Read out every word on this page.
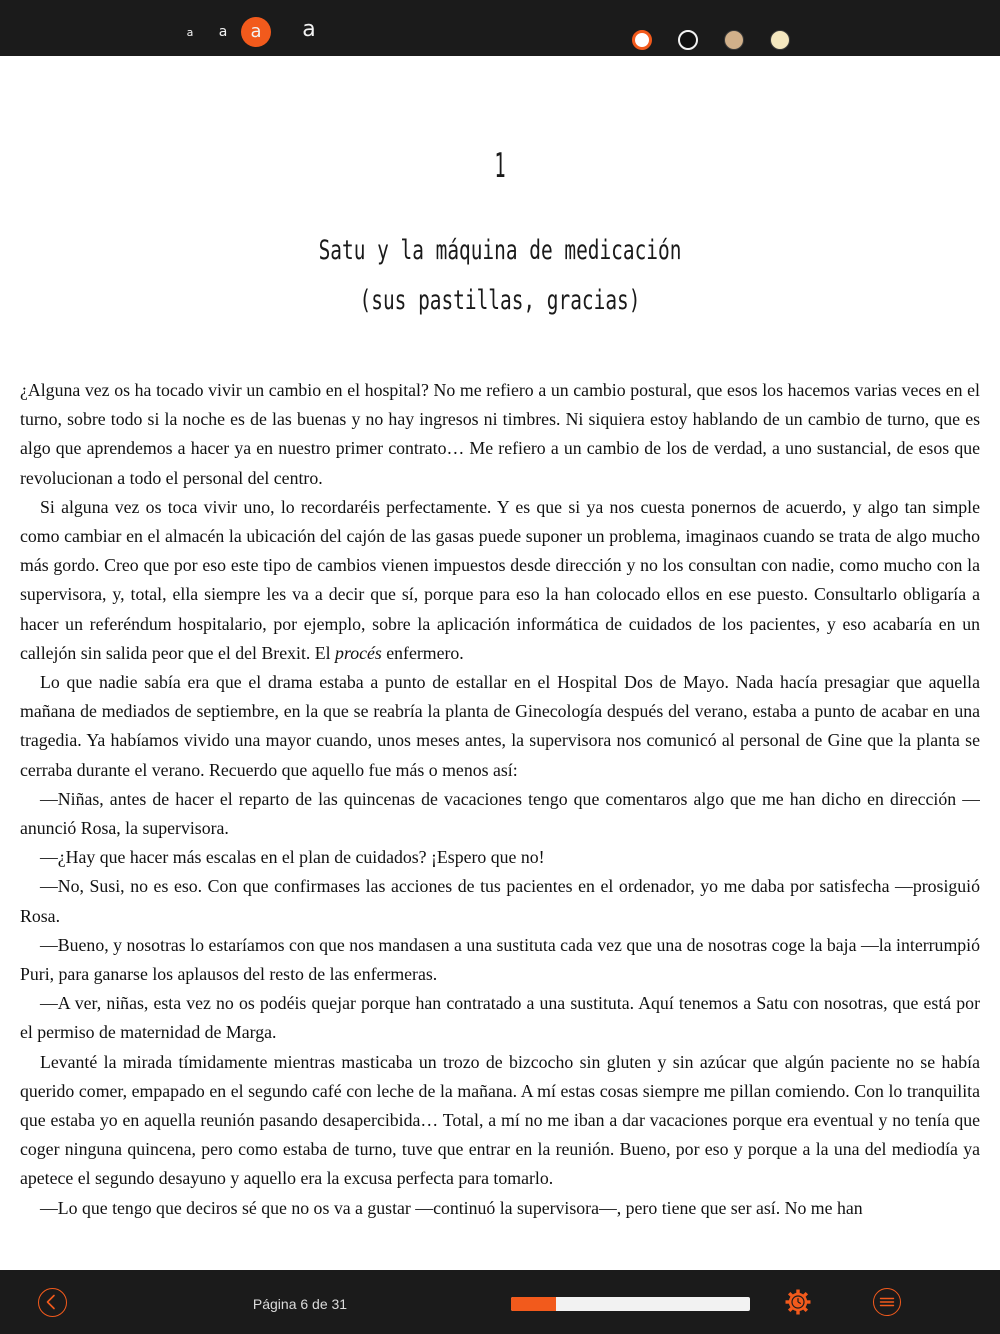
a	a	a	a
1
Satu y la máquina de medicación
(sus pastillas, gracias)

¿Alguna vez os ha tocado vivir un cambio en el hospital? No me refiero a un cambio postural, que esos los hacemos varias veces en el turno, sobre todo si la noche es de las buenas y no hay ingresos ni timbres. Ni siquiera estoy hablando de un cambio de turno, que es algo que aprendemos a hacer ya en nuestro primer contrato… Me refiero a un cambio de los de verdad, a uno sustancial, de esos que revolucionan a todo el personal del centro.

Si alguna vez os toca vivir uno, lo recordaréis perfectamente. Y es que si ya nos cuesta ponernos de acuerdo, y algo tan simple como cambiar en el almacén la ubicación del cajón de las gasas puede suponer un problema, imaginaos cuando se trata de algo mucho más gordo. Creo que por eso este tipo de cambios vienen impuestos desde dirección y no los consultan con nadie, como mucho con la supervisora, y, total, ella siempre les va a decir que sí, porque para eso la han colocado ellos en ese puesto. Consultarlo obligaría a hacer un referéndum hospitalario, por ejemplo, sobre la aplicación informática de cuidados de los pacientes, y eso acabaría en un callejón sin salida peor que el del Brexit. El procés enfermero.

Lo que nadie sabía era que el drama estaba a punto de estallar en el Hospital Dos de Mayo. Nada hacía presagiar que aquella mañana de mediados de septiembre, en la que se reabría la planta de Ginecología después del verano, estaba a punto de acabar en una tragedia. Ya habíamos vivido una mayor cuando, unos meses antes, la supervisora nos comunicó al personal de Gine que la planta se cerraba durante el verano. Recuerdo que aquello fue más o menos así:

—Niñas, antes de hacer el reparto de las quincenas de vacaciones tengo que comentaros algo que me han dicho en dirección —anunció Rosa, la supervisora.

—¿Hay que hacer más escalas en el plan de cuidados? ¡Espero que no!

—No, Susi, no es eso. Con que confirmases las acciones de tus pacientes en el ordenador, yo me daba por satisfecha —prosiguió Rosa.

—Bueno, y nosotras lo estaríamos con que nos mandasen a una sustituta cada vez que una de nosotras coge la baja —la interrumpió Puri, para ganarse los aplausos del resto de las enfermeras.

—A ver, niñas, esta vez no os podéis quejar porque han contratado a una sustituta. Aquí tenemos a Satu con nosotras, que está por el permiso de maternidad de Marga.

Levanté la mirada tímidamente mientras masticaba un trozo de bizcocho sin gluten y sin azúcar que algún paciente no se había querido comer, empapado en el segundo café con leche de la mañana. A mí estas cosas siempre me pillan comiendo. Con lo tranquilita que estaba yo en aquella reunión pasando desapercibida… Total, a mí no me iban a dar vacaciones porque era eventual y no tenía que coger ninguna quincena, pero como estaba de turno, tuve que entrar en la reunión. Bueno, por eso y porque a la una del mediodía ya apetece el segundo desayuno y aquello era la excusa perfecta para tomarlo.

—Lo que tengo que deciros sé que no os va a gustar —continuó la supervisora—, pero tiene que ser así. No me han

Página 6 de 31
